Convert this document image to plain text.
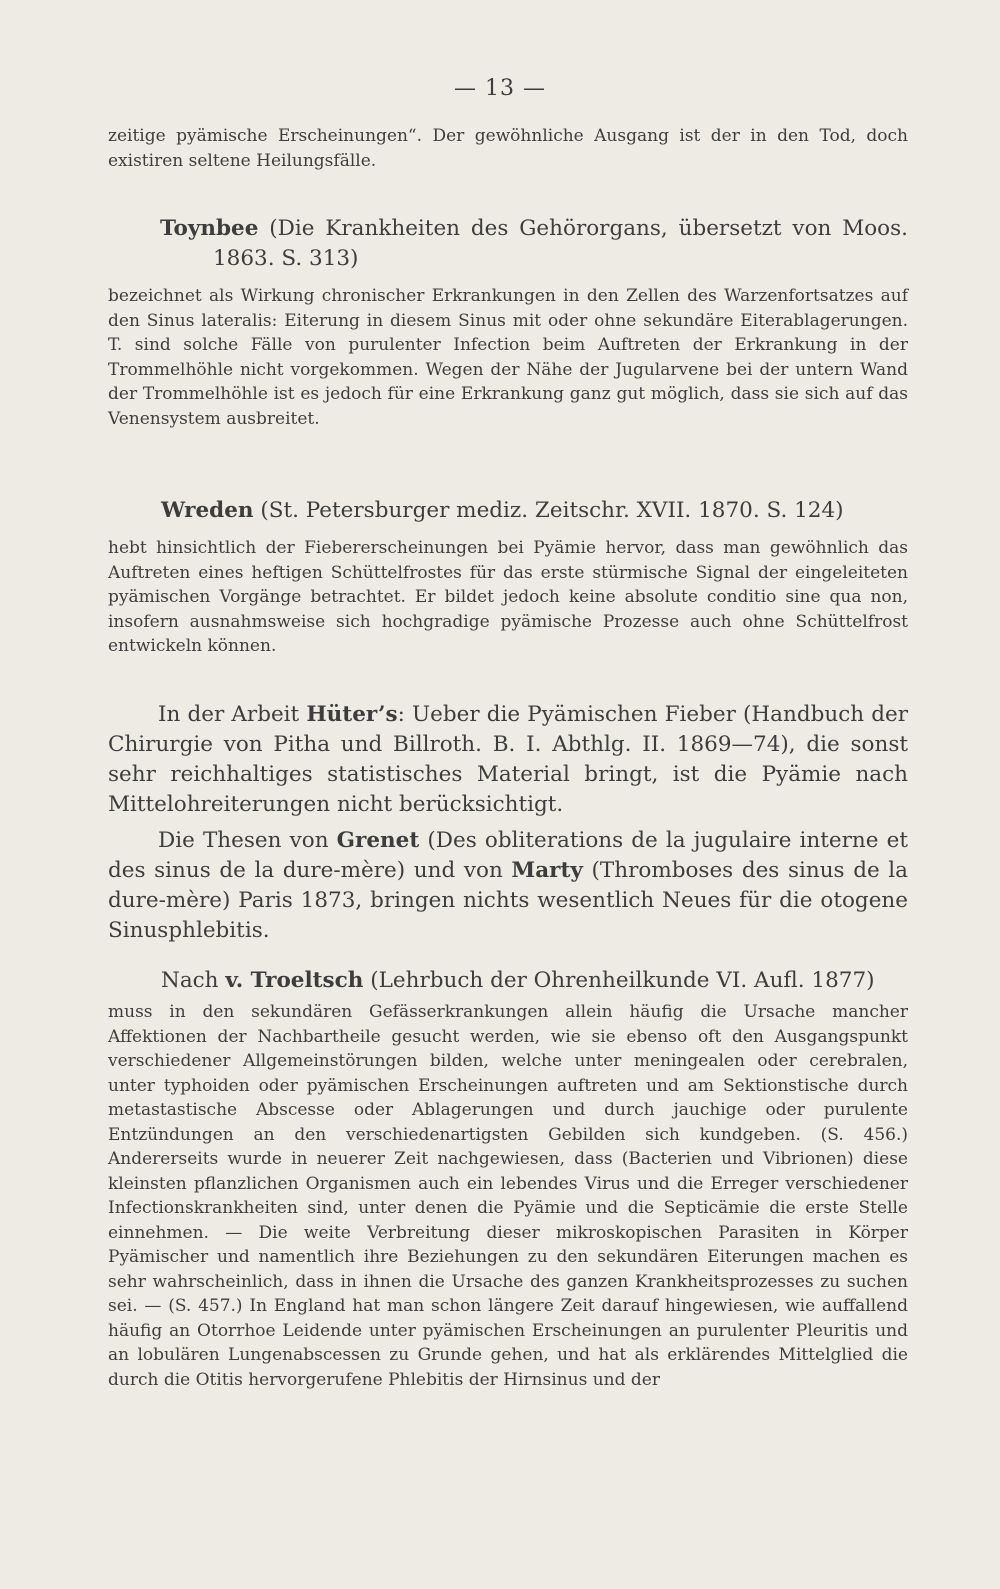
— 13 —

zeitige pyämische Erscheinungen“. Der gewöhnliche Ausgang ist der in den Tod, doch existiren seltene Heilungsfälle.

Toynbee (Die Krankheiten des Gehörorgans, übersetzt von Moos. 1863. S. 313)

bezeichnet als Wirkung chronischer Erkrankungen in den Zellen des Warzenfortsatzes auf den Sinus lateralis: Eiterung in diesem Sinus mit oder ohne sekundäre Eiterablagerungen. T. sind solche Fälle von purulenter Infection beim Auftreten der Erkrankung in der Trommelhöhle nicht vorgekommen. Wegen der Nähe der Jugularvene bei der untern Wand der Trommelhöhle ist es jedoch für eine Erkrankung ganz gut möglich, dass sie sich auf das Venensystem ausbreitet.

Wreden (St. Petersburger mediz. Zeitschr. XVII. 1870. S. 124)

hebt hinsichtlich der Fiebererscheinungen bei Pyämie hervor, dass man gewöhnlich das Auftreten eines heftigen Schüttelfrostes für das erste stürmische Signal der eingeleiteten pyämischen Vorgänge betrachtet. Er bildet jedoch keine absolute conditio sine qua non, insofern ausnahmsweise sich hochgradige pyämische Prozesse auch ohne Schüttelfrost entwickeln können.

In der Arbeit Hüter’s: Ueber die Pyämischen Fieber (Handbuch der Chirurgie von Pitha und Billroth. B. I. Abthlg. II. 1869—74), die sonst sehr reichhaltiges statistisches Material bringt, ist die Pyämie nach Mittelohreiterungen nicht berücksichtigt.

Die Thesen von Grenet (Des obliterations de la jugulaire interne et des sinus de la dure-mère) und von Marty (Thromboses des sinus de la dure-mère) Paris 1873, bringen nichts wesentlich Neues für die otogene Sinusphlebitis.

Nach v. Troeltsch (Lehrbuch der Ohrenheilkunde VI. Aufl. 1877)

muss in den sekundären Gefässerkrankungen allein häufig die Ursache mancher Affektionen der Nachbartheile gesucht werden, wie sie ebenso oft den Ausgangspunkt verschiedener Allgemeinstörungen bilden, welche unter meningealen oder cerebralen, unter typhoiden oder pyämischen Erscheinungen auftreten und am Sektionstische durch metastastische Abscesse oder Ablagerungen und durch jauchige oder purulente Entzündungen an den verschiedenartigsten Gebilden sich kundgeben. (S. 456.) Andererseits wurde in neuerer Zeit nachgewiesen, dass (Bacterien und Vibrionen) diese kleinsten pflanzlichen Organismen auch ein lebendes Virus und die Erreger verschiedener Infectionskrankheiten sind, unter denen die Pyämie und die Septicämie die erste Stelle einnehmen. — Die weite Verbreitung dieser mikroskopischen Parasiten in Körper Pyämischer und namentlich ihre Beziehungen zu den sekundären Eiterungen machen es sehr wahrscheinlich, dass in ihnen die Ursache des ganzen Krankheitsprozesses zu suchen sei. — (S. 457.) In England hat man schon längere Zeit darauf hingewiesen, wie auffallend häufig an Otorrhoe Leidende unter pyämischen Erscheinungen an purulenter Pleuritis und an lobulären Lungenabscessen zu Grunde gehen, und hat als erklärendes Mittelglied die durch die Otitis hervorgerufene Phlebitis der Hirnsinus und der
